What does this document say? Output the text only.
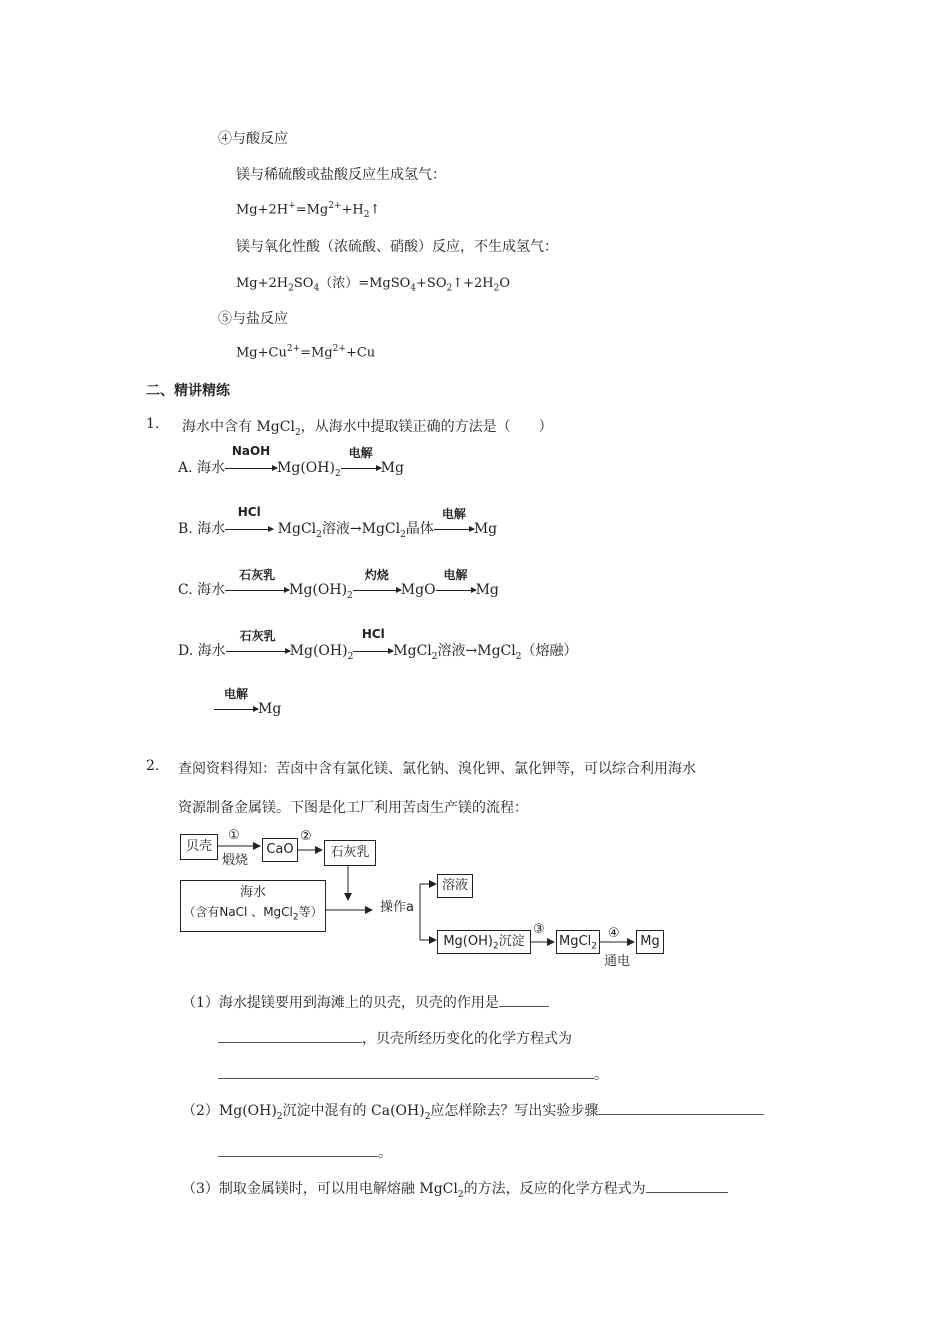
④与酸反应
镁与稀硫酸或盐酸反应生成氢气：
$Mg+2H^+=Mg^{2+}+H_2↑$
镁与氧化性酸（浓硫酸、硝酸）反应，不生成氢气：
$Mg+2H_2SO_4$（浓）$=MgSO_4+SO_2↑+2H_2O$
⑤与盐反应
$Mg+Cu^{2+}=Mg^{2+}+Cu$
二、精讲精练
1. 海水中含有 MgCl$_2$，从海水中提取镁正确的方法是（　　）
A. 海水
NaOH
$Mg(OH)_2$
电解
Mg
B. 海水
HCl
MgCl$_2$溶液→MgCl$_2$晶体
电解
Mg
C. 海水
石灰乳
$Mg(OH)_2$
灼烧
MgO
电解
Mg
D. 海水
石灰乳
$Mg(OH)_2$
HCl
MgCl$_2$溶液→MgCl$_2$（熔融）
电解
Mg
2. 查阅资料得知：苦卤中含有氯化镁、氯化钠、溴化钾、氯化钾等，可以综合利用海水
资源制备金属镁。下图是化工厂利用苦卤生产镁的流程：
贝壳
①
煅烧
CaO
②
石灰乳
海水
（含有NaCl 、MgCl$_2$等）	操作a
溶液
$Mg(OH)_2$沉淀
③
MgCl$_2$
④
通电
Mg
（1）海水提镁要用到海滩上的贝壳，贝壳的作用是
，贝壳所经历变化的化学方程式为
。
$(2)Mg(OH)_2$沉淀中混有的 $Ca(OH)_2$应怎样除去？写出实验步骤
。
（3）制取金属镁时，可以用电解熔融 MgCl$_2$的方法，反应的化学方程式为
